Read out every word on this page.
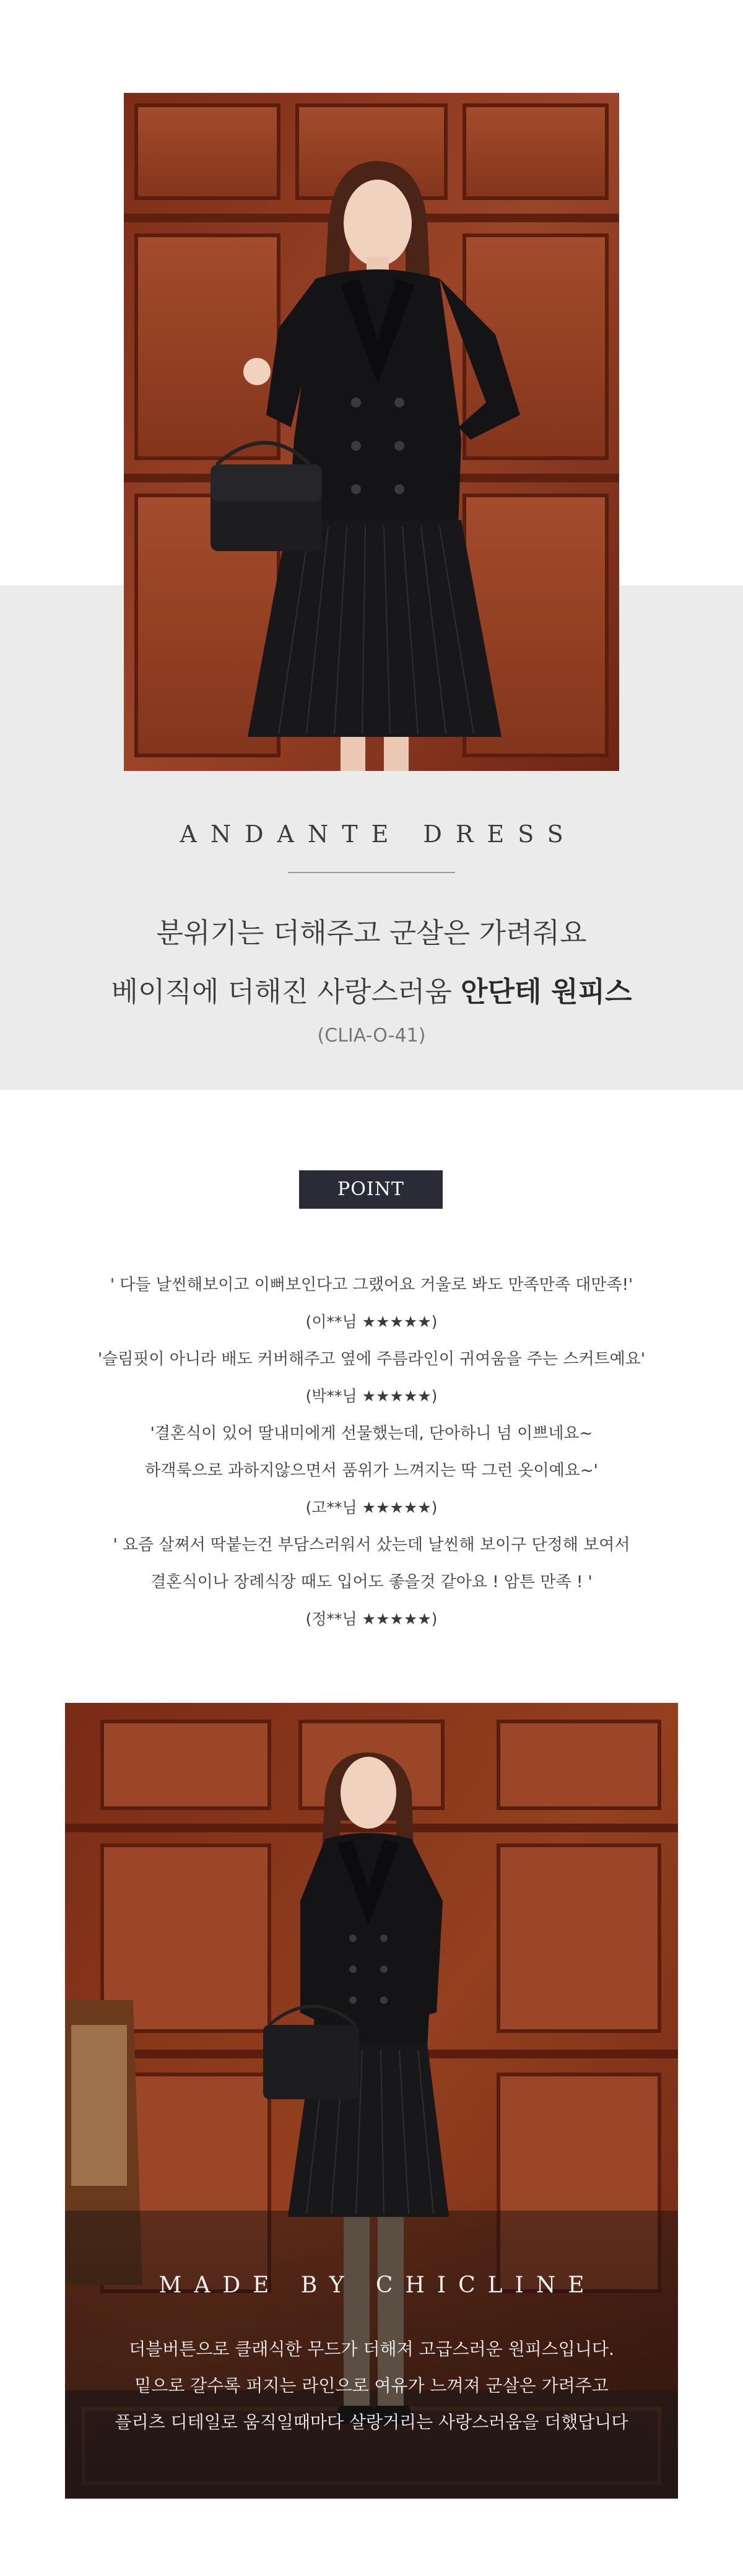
ANDANTE DRESS
분위기는 더해주고 군살은 가려줘요
베이직에 더해진 사랑스러움 안단테 원피스
(CLIA-O-41)
POINT
' 다들 날씬해보이고 이뻐보인다고 그랬어요 거울로 봐도 만족만족 대만족!'
(이**님 ★★★★★)
'슬림핏이 아니라 배도 커버해주고 옆에 주름라인이 귀여움을 주는 스커트예요'
(박**님 ★★★★★)
'결혼식이 있어 딸내미에게 선물했는데, 단아하니 넘 이쁘네요~
하객룩으로 과하지않으면서 품위가 느껴지는 딱 그런 옷이예요~'
(고**님 ★★★★★)
' 요즘 살쪄서 딱붙는건 부담스러워서 샀는데 날씬해 보이구 단정해 보여서
결혼식이나 장례식장 때도 입어도 좋을것 같아요 ! 암튼 만족 ! '
(정**님 ★★★★★)
MADE BY CHICLINE
더블버튼으로 클래식한 무드가 더해져 고급스러운 원피스입니다.
밑으로 갈수록 퍼지는 라인으로 여유가 느껴져 군살은 가려주고
플리츠 디테일로 움직일때마다 살랑거리는 사랑스러움을 더했답니다
